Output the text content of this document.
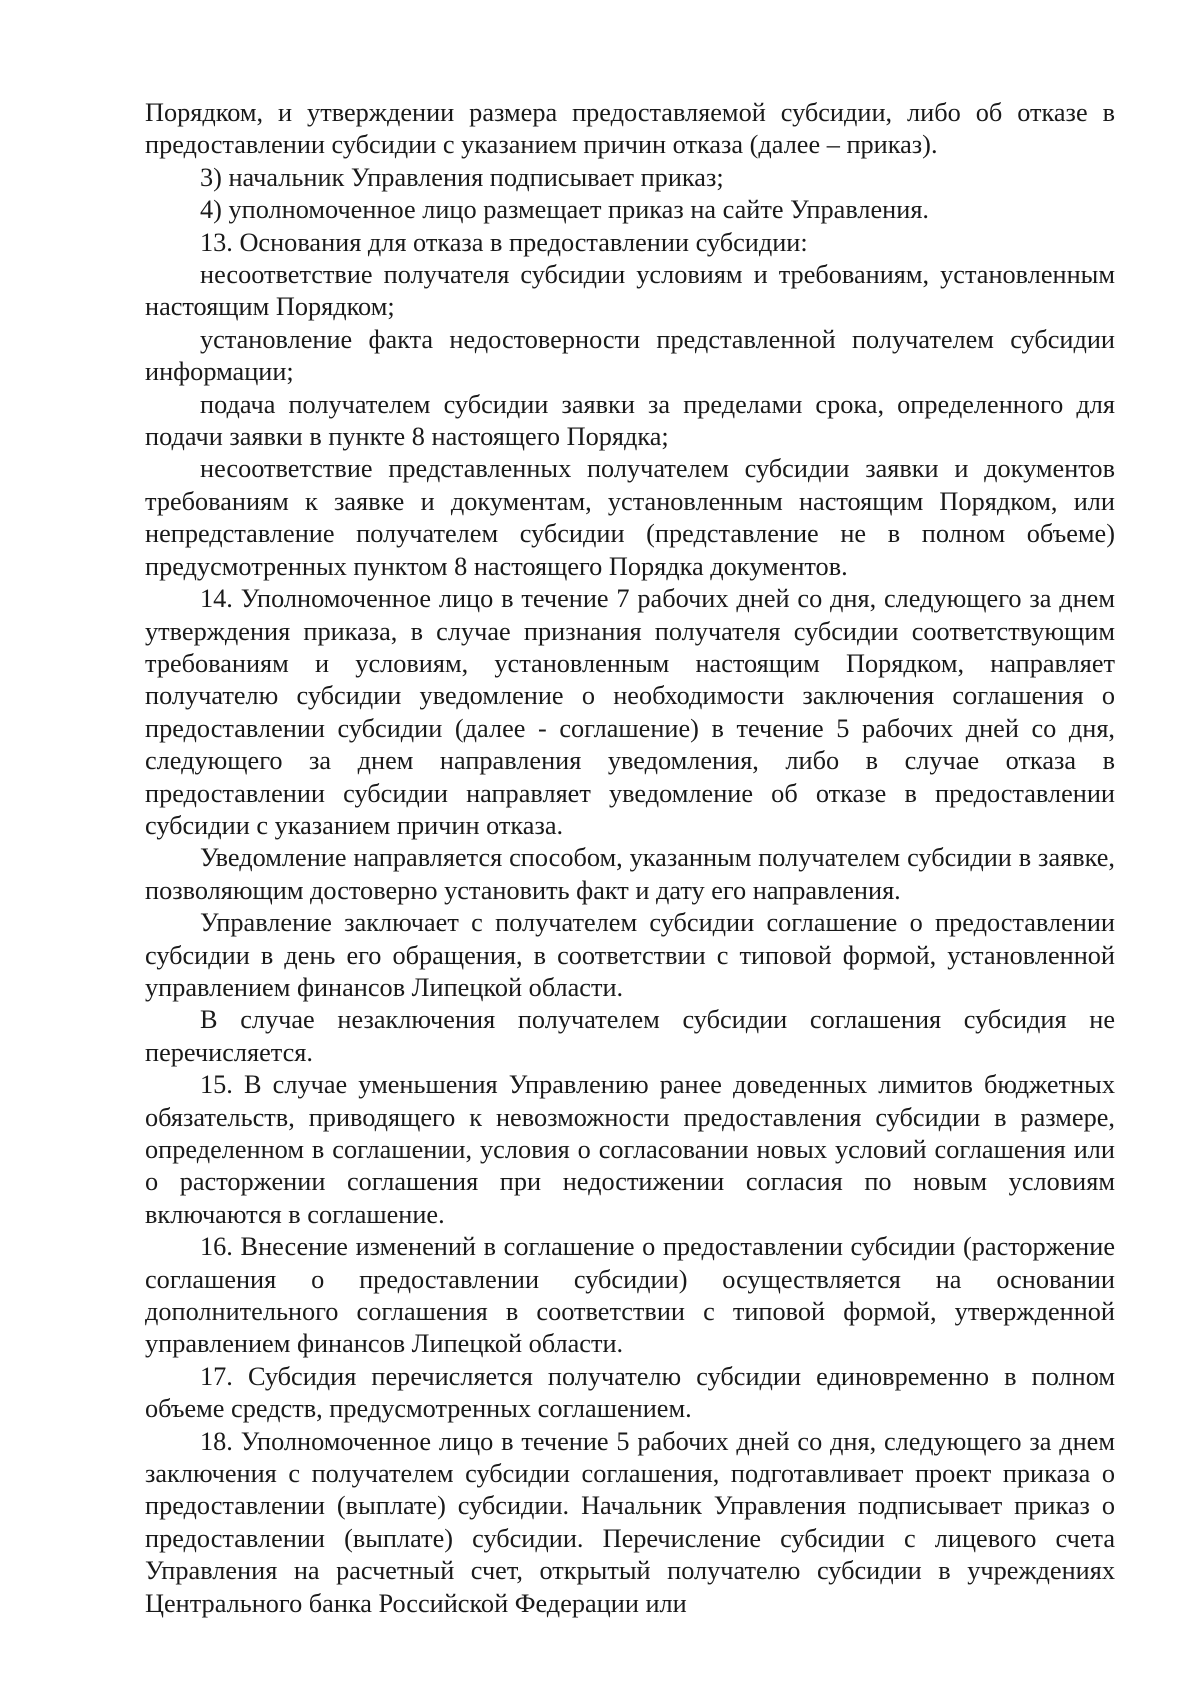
Порядком, и утверждении размера предоставляемой субсидии, либо об отказе в предоставлении субсидии с указанием причин отказа (далее – приказ).

3) начальник Управления подписывает приказ;

4) уполномоченное лицо размещает приказ на сайте Управления.

13. Основания для отказа в предоставлении субсидии:

несоответствие получателя субсидии условиям и требованиям, установленным настоящим Порядком;

установление факта недостоверности представленной получателем субсидии информации;

подача получателем субсидии заявки за пределами срока, определенного для подачи заявки в пункте 8 настоящего Порядка;

несоответствие представленных получателем субсидии заявки и документов требованиям к заявке и документам, установленным настоящим Порядком, или непредставление получателем субсидии (представление не в полном объеме) предусмотренных пунктом 8 настоящего Порядка документов.

14. Уполномоченное лицо в течение 7 рабочих дней со дня, следующего за днем утверждения приказа, в случае признания получателя субсидии соответствующим требованиям и условиям, установленным настоящим Порядком, направляет получателю субсидии уведомление о необходимости заключения соглашения о предоставлении субсидии (далее - соглашение) в течение 5 рабочих дней со дня, следующего за днем направления уведомления, либо в случае отказа в предоставлении субсидии направляет уведомление об отказе в предоставлении субсидии с указанием причин отказа.

Уведомление направляется способом, указанным получателем субсидии в заявке, позволяющим достоверно установить факт и дату его направления.

Управление заключает с получателем субсидии соглашение о предоставлении субсидии в день его обращения, в соответствии с типовой формой, установленной управлением финансов Липецкой области.

В случае незаключения получателем субсидии соглашения субсидия не перечисляется.

15. В случае уменьшения Управлению ранее доведенных лимитов бюджетных обязательств, приводящего к невозможности предоставления субсидии в размере, определенном в соглашении, условия о согласовании новых условий соглашения или о расторжении соглашения при недостижении согласия по новым условиям включаются в соглашение.

16. Внесение изменений в соглашение о предоставлении субсидии (расторжение соглашения о предоставлении субсидии) осуществляется на основании дополнительного соглашения в соответствии с типовой формой, утвержденной управлением финансов Липецкой области.

17. Субсидия перечисляется получателю субсидии единовременно в полном объеме средств, предусмотренных соглашением.

18. Уполномоченное лицо в течение 5 рабочих дней со дня, следующего за днем заключения с получателем субсидии соглашения, подготавливает проект приказа о предоставлении (выплате) субсидии. Начальник Управления подписывает приказ о предоставлении (выплате) субсидии. Перечисление субсидии с лицевого счета Управления на расчетный счет, открытый получателю субсидии в учреждениях Центрального банка Российской Федерации или
